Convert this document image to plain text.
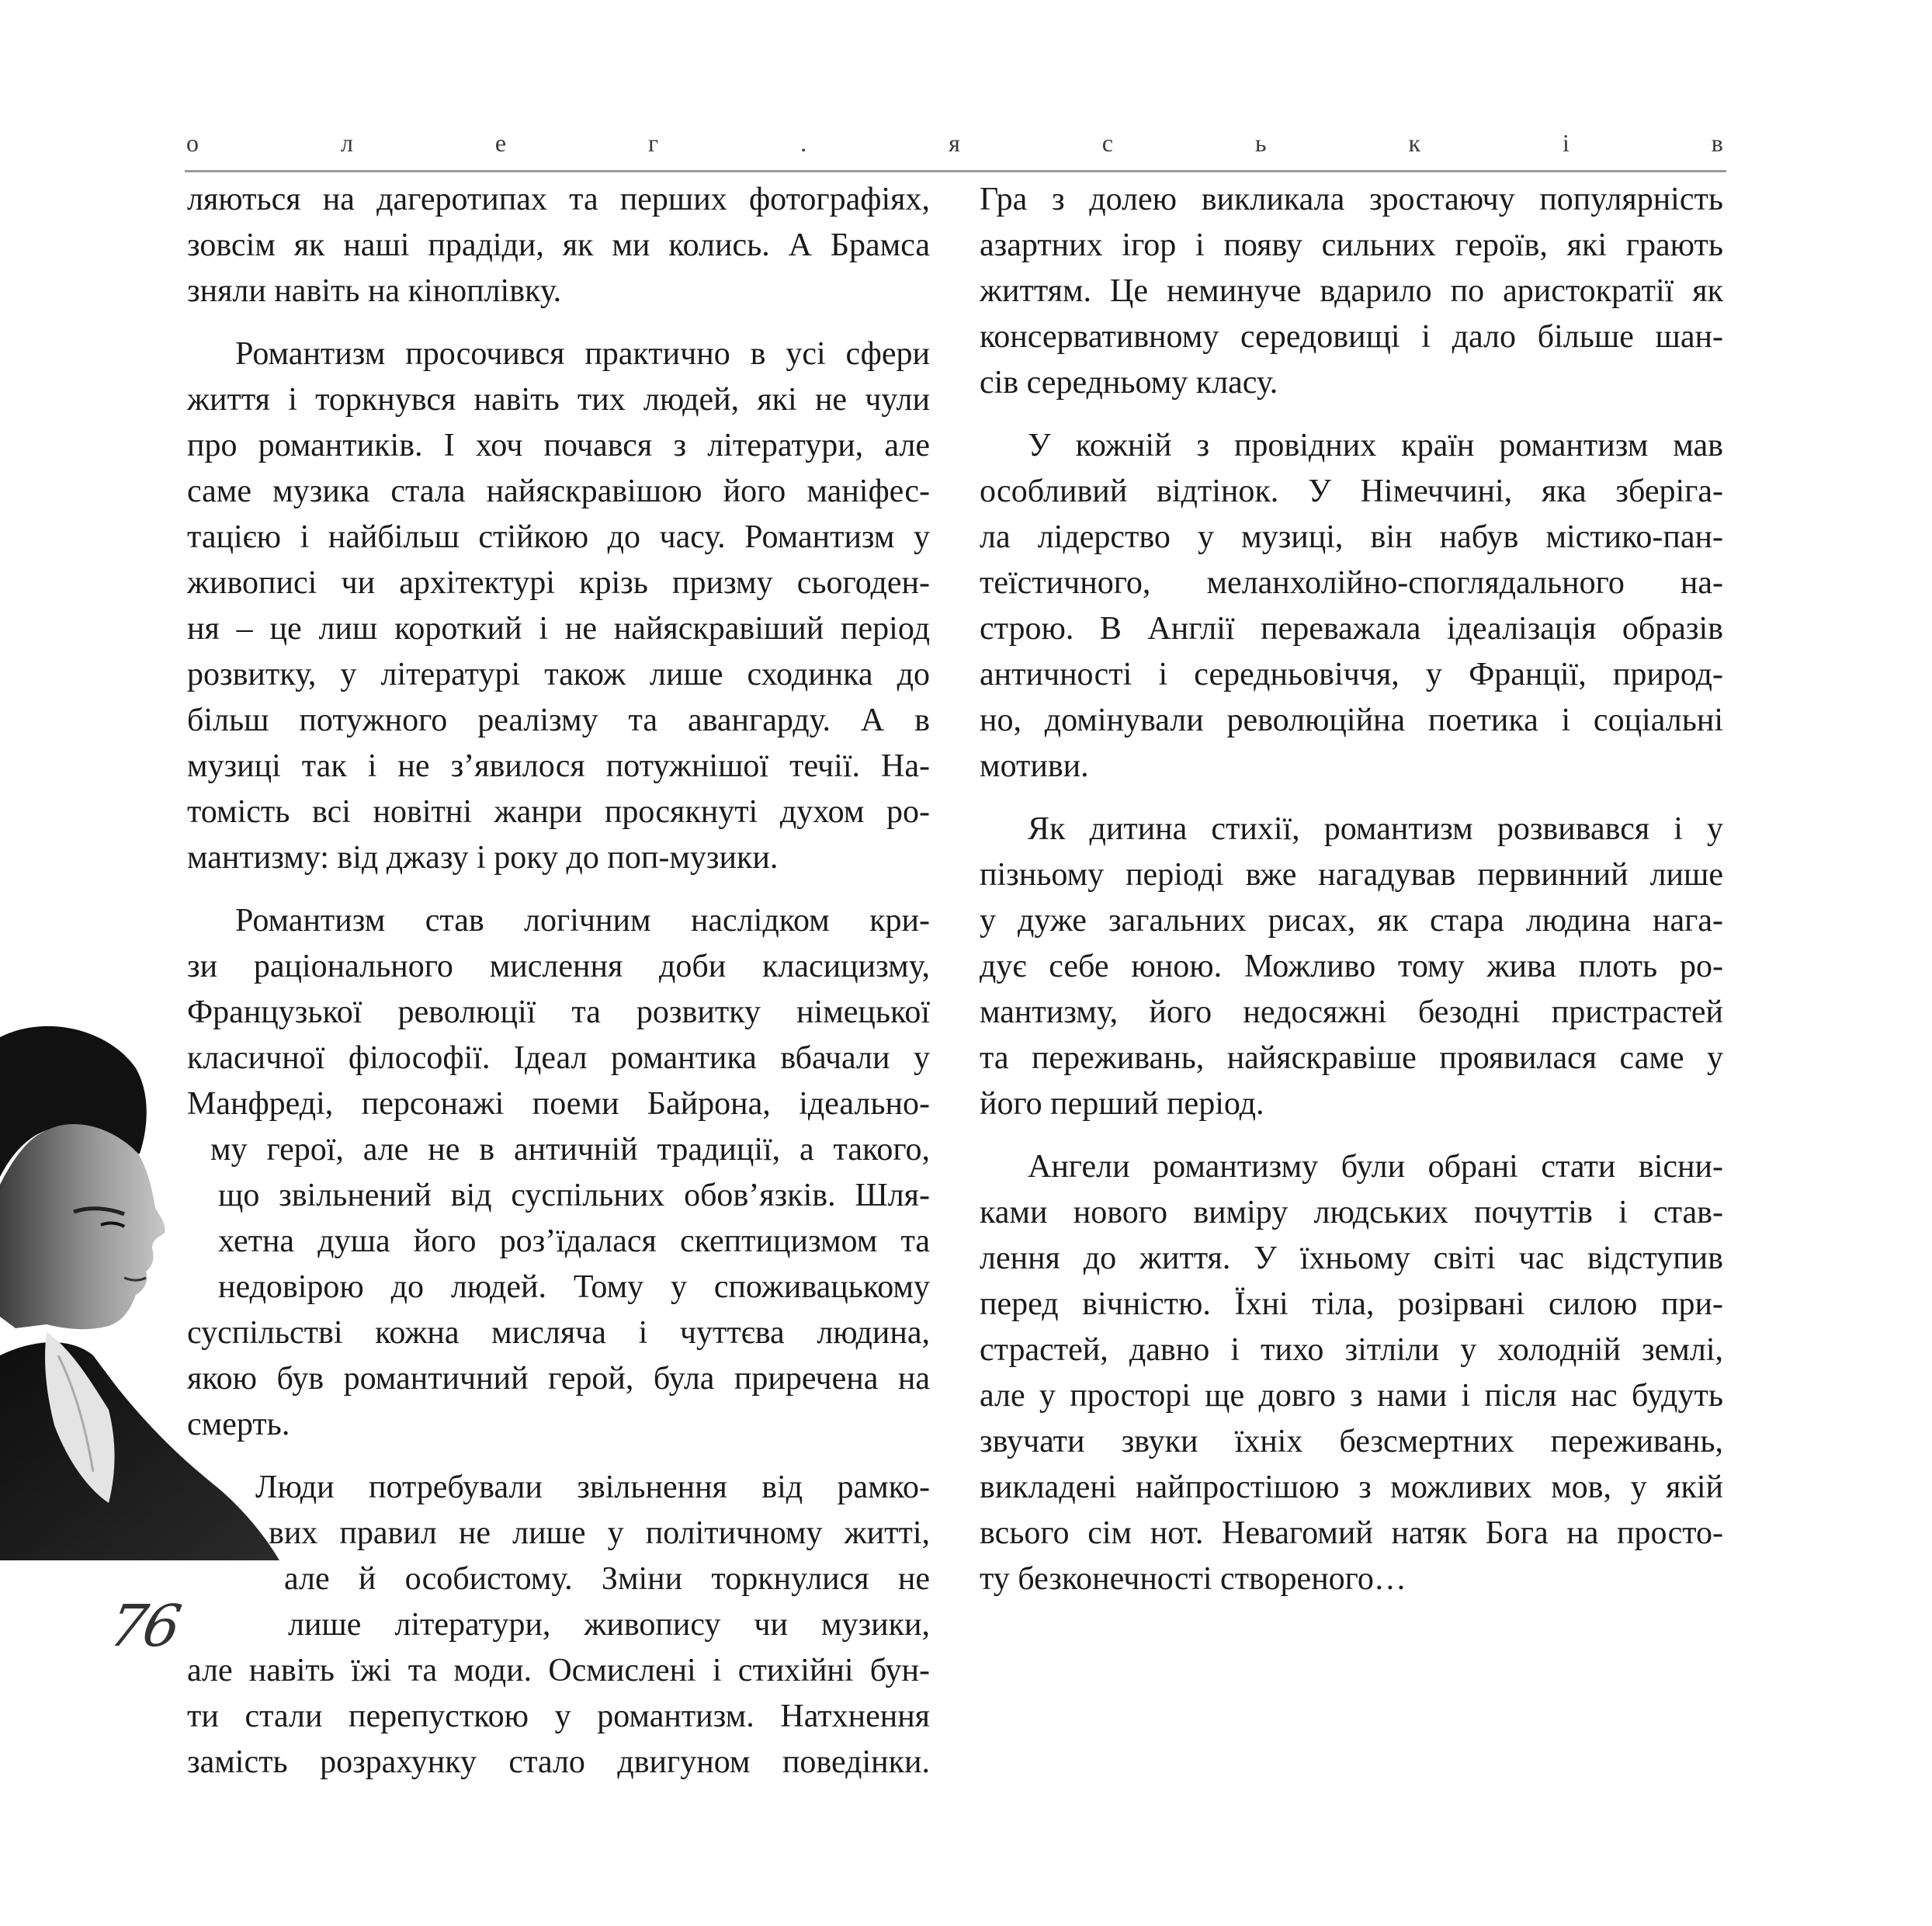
о	л	е	г	.	я	с	ь	к	і	в
ляються на дагеротипах та перших фотографіях,
зовсім як наші прадіди, як ми колись. А Брамса
зняли навіть на кіноплівку.
Романтизм просочився практично в усі сфери
життя і торкнувся навіть тих людей, які не чули
про романтиків. І хоч почався з літератури, але
саме музика стала найяскравішою його маніфес-
тацією і найбільш стійкою до часу. Романтизм у
живописі чи архітектурі крізь призму сьогоден-
ня – це лиш короткий і не найяскравіший період
розвитку, у літературі також лише сходинка до
більш потужного реалізму та авангарду. А в
музиці так і не з’явилося потужнішої течії. На-
томість всі новітні жанри просякнуті духом ро-
мантизму: від джазу і року до поп-музики.
Романтизм став логічним наслідком кри-
зи раціонального мислення доби класицизму,
Французької революції та розвитку німецької
класичної філософії. Ідеал романтика вбачали у
Манфреді, персонажі поеми Байрона, ідеально-
му герої, але не в античній традиції, а такого,
що звільнений від суспільних обов’язків. Шля-
хетна душа його роз’їдалася скептицизмом та
недовірою до людей. Тому у споживацькому
суспільстві кожна мисляча і чуттєва людина,
якою був романтичний герой, була приречена на
смерть.
Люди потребували звільнення від рамко-
вих правил не лише у політичному житті,
але й особистому. Зміни торкнулися не
лише літератури, живопису чи музики,
але навіть їжі та моди. Осмислені і стихійні бун-
ти стали перепусткою у романтизм. Натхнення
замість розрахунку стало двигуном поведінки.
Гра з долею викликала зростаючу популярність
азартних ігор і появу сильних героїв, які грають
життям. Це неминуче вдарило по аристократії як
консервативному середовищі і дало більше шан-
сів середньому класу.
У кожній з провідних країн романтизм мав
особливий відтінок. У Німеччині, яка зберіга-
ла лідерство у музиці, він набув містико-пан-
теїстичного, меланхолійно-споглядального на-
строю. В Англії переважала ідеалізація образів
античності і середньовіччя, у Франції, природ-
но, домінували революційна поетика і соціальні
мотиви.
Як дитина стихії, романтизм розвивався і у
пізньому періоді вже нагадував первинний лише
у дуже загальних рисах, як стара людина нага-
дує себе юною. Можливо тому жива плоть ро-
мантизму, його недосяжні безодні пристрастей
та переживань, найяскравіше проявилася саме у
його перший період.
Ангели романтизму були обрані стати вісни-
ками нового виміру людських почуттів і став-
лення до життя. У їхньому світі час відступив
перед вічністю. Їхні тіла, розірвані силою при-
страстей, давно і тихо зітліли у холодній землі,
але у просторі ще довго з нами і після нас будуть
звучати звуки їхніх безсмертних переживань,
викладені найпростішою з можливих мов, у якій
всього сім нот. Невагомий натяк Бога на просто-
ту безконечності створеного…
76
